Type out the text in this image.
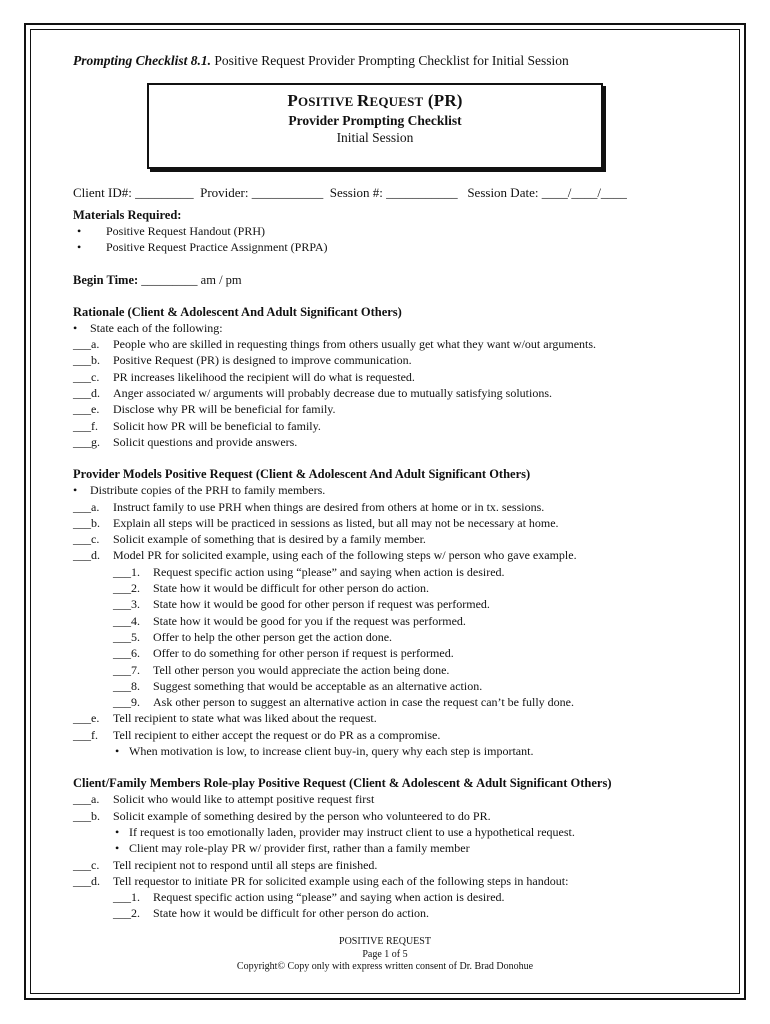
Prompting Checklist 8.1. Positive Request Provider Prompting Checklist for Initial Session
POSITIVE REQUEST (PR)
Provider Prompting Checklist
Initial Session
Client ID#: _________  Provider: ___________  Session #: ___________   Session Date: ____/____/____
Materials Required:
• Positive Request Handout (PRH)
• Positive Request Practice Assignment (PRPA)
Begin Time: _________ am / pm
Rationale (Client & Adolescent And Adult Significant Others)
• State each of the following:
___a.	People who are skilled in requesting things from others usually get what they want w/out arguments.
___b.	Positive Request (PR) is designed to improve communication.
___c.	PR increases likelihood the recipient will do what is requested.
___d.	Anger associated w/ arguments will probably decrease due to mutually satisfying solutions.
___e.	Disclose why PR will be beneficial for family.
___f.	Solicit how PR will be beneficial to family.
___g.	Solicit questions and provide answers.
Provider Models Positive Request (Client & Adolescent And Adult Significant Others)
• Distribute copies of the PRH to family members.
___a.	Instruct family to use PRH when things are desired from others at home or in tx. sessions.
___b.	Explain all steps will be practiced in sessions as listed, but all may not be necessary at home.
___c.	Solicit example of something that is desired by a family member.
___d.	Model PR for solicited example, using each of the following steps w/ person who gave example.
___1.	Request specific action using “please” and saying when action is desired.
___2.	State how it would be difficult for other person do action.
___3.	State how it would be good for other person if request was performed.
___4.	State how it would be good for you if the request was performed.
___5.	Offer to help the other person get the action done.
___6.	Offer to do something for other person if request is performed.
___7.	Tell other person you would appreciate the action being done.
___8.	Suggest something that would be acceptable as an alternative action.
___9.	Ask other person to suggest an alternative action in case the request can’t be fully done.
___e.	Tell recipient to state what was liked about the request.
___f.	Tell recipient to either accept the request or do PR as a compromise.
• When motivation is low, to increase client buy-in, query why each step is important.
Client/Family Members Role-play Positive Request (Client & Adolescent & Adult Significant Others)
___a.	Solicit who would like to attempt positive request first
___b.	Solicit example of something desired by the person who volunteered to do PR.
• If request is too emotionally laden, provider may instruct client to use a hypothetical request.
• Client may role-play PR w/ provider first, rather than a family member
___c.	Tell recipient not to respond until all steps are finished.
___d.	Tell requestor to initiate PR for solicited example using each of the following steps in handout:
___1.	Request specific action using “please” and saying when action is desired.
___2.	State how it would be difficult for other person do action.
POSITIVE REQUEST
Page 1 of 5
Copyright© Copy only with express written consent of Dr. Brad Donohue
